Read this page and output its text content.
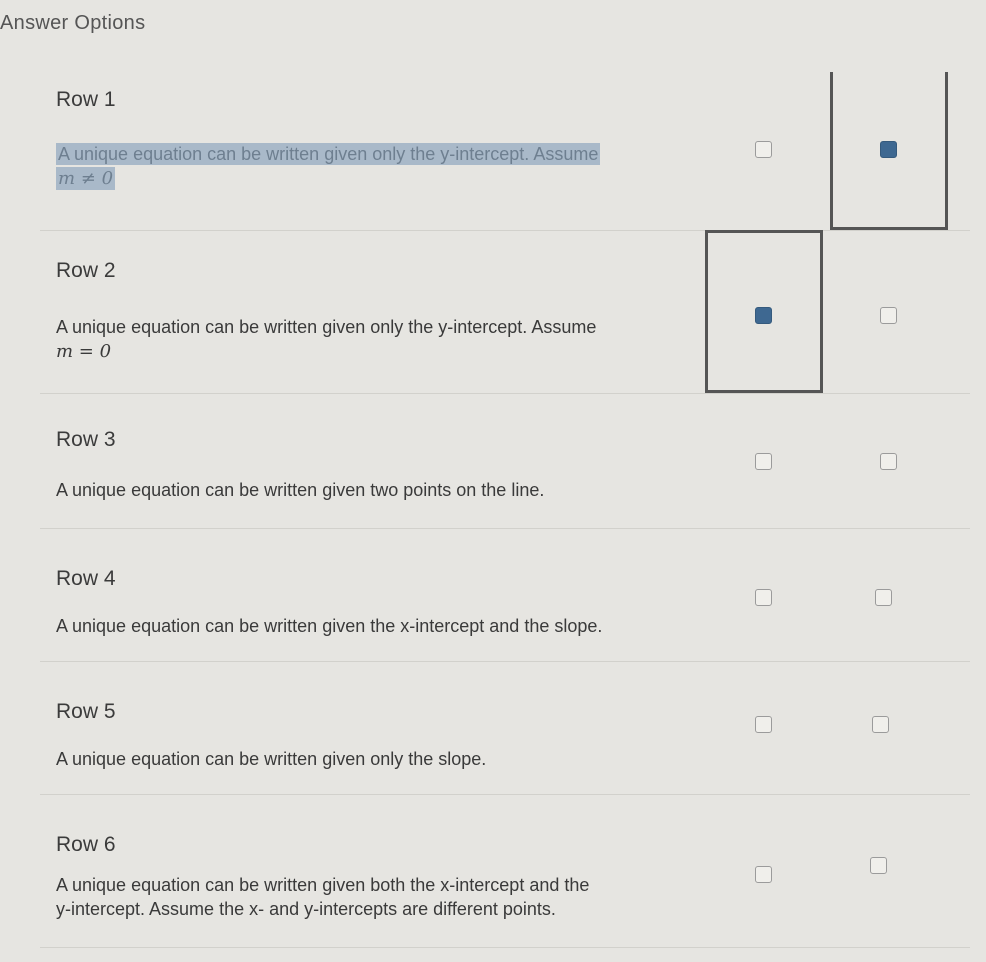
Answer Options
Row 1
A unique equation can be written given only the y-intercept. Assume
m ≠ 0
Row 2
A unique equation can be written given only the y-intercept. Assume
m = 0
Row 3
A unique equation can be written given two points on the line.
Row 4
A unique equation can be written given the x-intercept and the slope.
Row 5
A unique equation can be written given only the slope.
Row 6
A unique equation can be written given both the x-intercept and the
y-intercept. Assume the x- and y-intercepts are different points.
